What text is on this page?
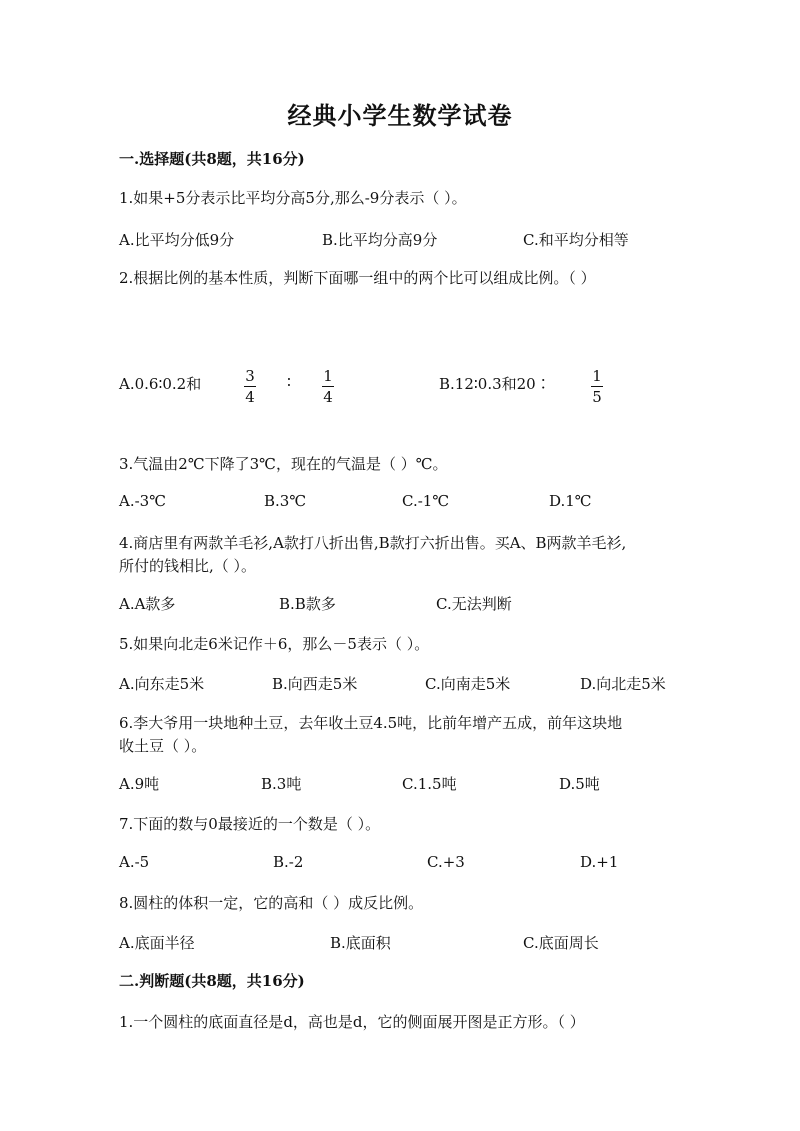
经典小学生数学试卷
一.选择题(共8题，共16分)
1.如果+5分表示比平均分高5分,那么-9分表示（ ）。
A.比平均分低9分	B.比平均分高9分	C.和平均分相等
2.根据比例的基本性质，判断下面哪一组中的两个比可以组成比例。（ ）
A.0.6∶0.2和	3
4
∶ 1
4
B.12∶0.3和20∶	1
5
3.气温由2℃下降了3℃，现在的气温是（ ）℃。
A.-3℃	B.3℃	C.-1℃	D.1℃
4.商店里有两款羊毛衫,A款打八折出售,B款打六折出售。买A、B两款羊毛衫,
所付的钱相比,（ ）。
A.A款多	B.B款多	C.无法判断
5.如果向北走6米记作＋6，那么－5表示（ ）。
A.向东走5米	B.向西走5米	C.向南走5米	D.向北走5米
6.李大爷用一块地种土豆，去年收土豆4.5吨，比前年增产五成，前年这块地
收土豆（ ）。
A.9吨	B.3吨	C.1.5吨	D.5吨
7.下面的数与0最接近的一个数是（ ）。
A.-5	B.-2	C.+3	D.+1
8.圆柱的体积一定，它的高和（ ）成反比例。
A.底面半径	B.底面积	C.底面周长
二.判断题(共8题，共16分)
1.一个圆柱的底面直径是d，高也是d，它的侧面展开图是正方形。（ ）
